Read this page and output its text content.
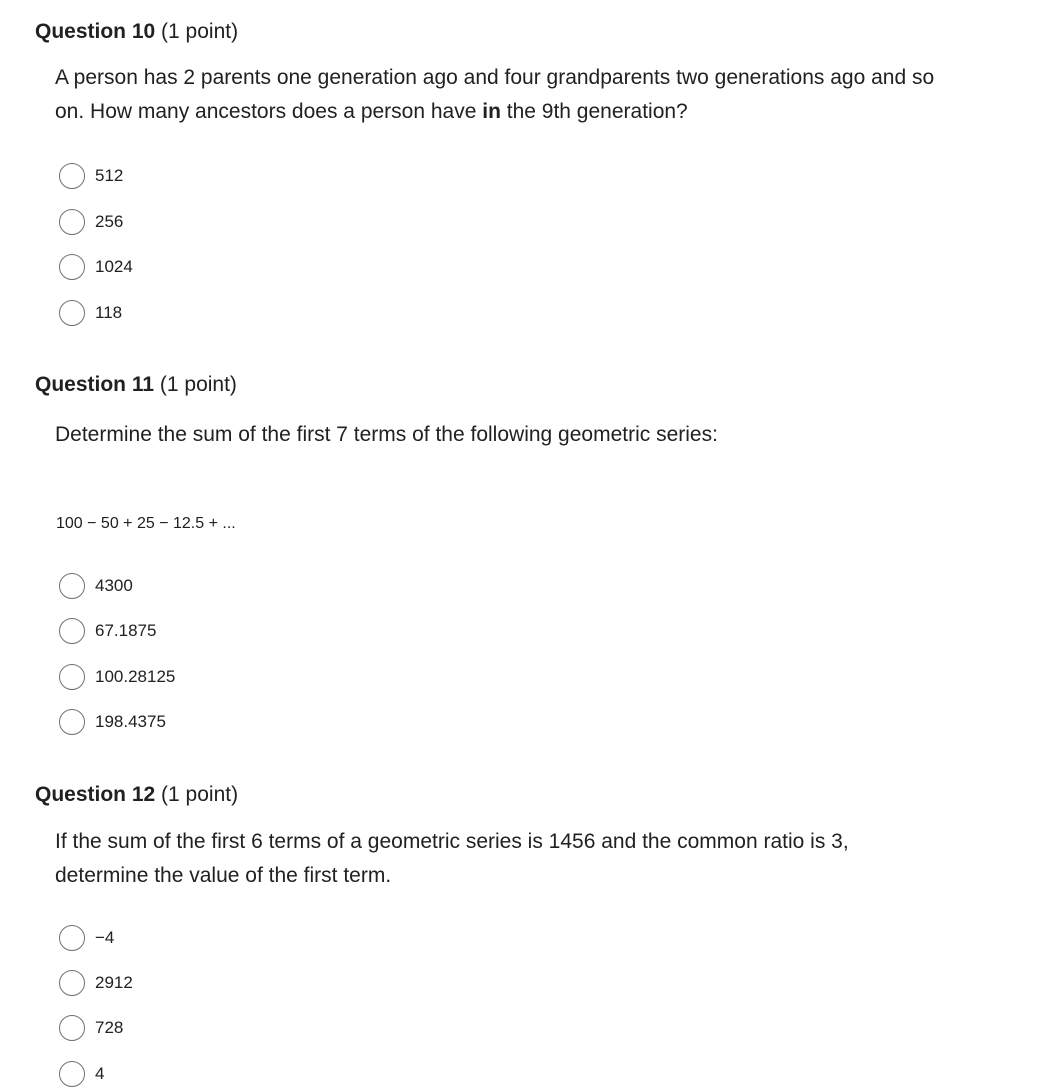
Question 10 (1 point)
A person has 2 parents one generation ago and four grandparents two generations ago and so on. How many ancestors does a person have in the 9th generation?
512
256
1024
118
Question 11 (1 point)
Determine the sum of the first 7 terms of the following geometric series:
100 − 50 + 25 − 12.5 + ...
4300
67.1875
100.28125
198.4375
Question 12 (1 point)
If the sum of the first 6 terms of a geometric series is 1456 and the common ratio is 3, determine the value of the first term.
−4
2912
728
4
